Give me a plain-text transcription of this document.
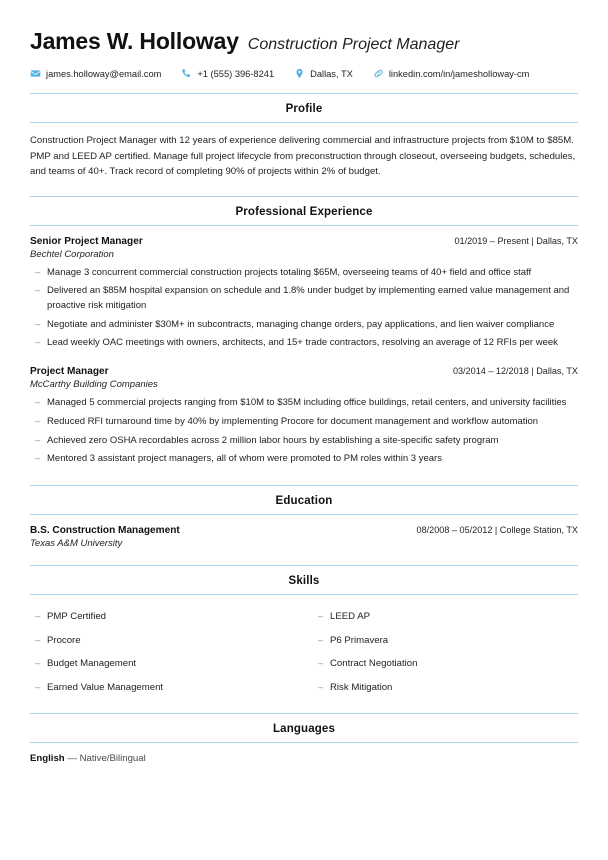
James W. Holloway Construction Project Manager
james.holloway@email.com	+1 (555) 396-8241	Dallas, TX	linkedin.com/in/jamesholloway-cm
Profile

Construction Project Manager with 12 years of experience delivering commercial and infrastructure projects from $10M to $85M. PMP and LEED AP certified. Manage full project lifecycle from preconstruction through closeout, overseeing budgets, schedules, and teams of 40+. Track record of completing 90% of projects within 2% of budget.

Professional Experience
Senior Project Manager	01/2019 – Present | Dallas, TX
Bechtel Corporation
– Manage 3 concurrent commercial construction projects totaling $65M, overseeing teams of 40+ field and office staff
– Delivered an $85M hospital expansion on schedule and 1.8% under budget by implementing earned value management and proactive risk mitigation
– Negotiate and administer $30M+ in subcontracts, managing change orders, pay applications, and lien waiver compliance
– Lead weekly OAC meetings with owners, architects, and 15+ trade contractors, resolving an average of 12 RFIs per week
Project Manager	03/2014 – 12/2018 | Dallas, TX
McCarthy Building Companies
– Managed 5 commercial projects ranging from $10M to $35M including office buildings, retail centers, and university facilities
– Reduced RFI turnaround time by 40% by implementing Procore for document management and workflow automation
– Achieved zero OSHA recordables across 2 million labor hours by establishing a site-specific safety program
– Mentored 3 assistant project managers, all of whom were promoted to PM roles within 3 years
Education
B.S. Construction Management	08/2008 – 05/2012 | College Station, TX
Texas A&M University
Skills
– PMP Certified
– Procore
– Budget Management
– Earned Value Management
– LEED AP
– P6 Primavera
– Contract Negotiation
– Risk Mitigation
Languages
English — Native/Bilingual
